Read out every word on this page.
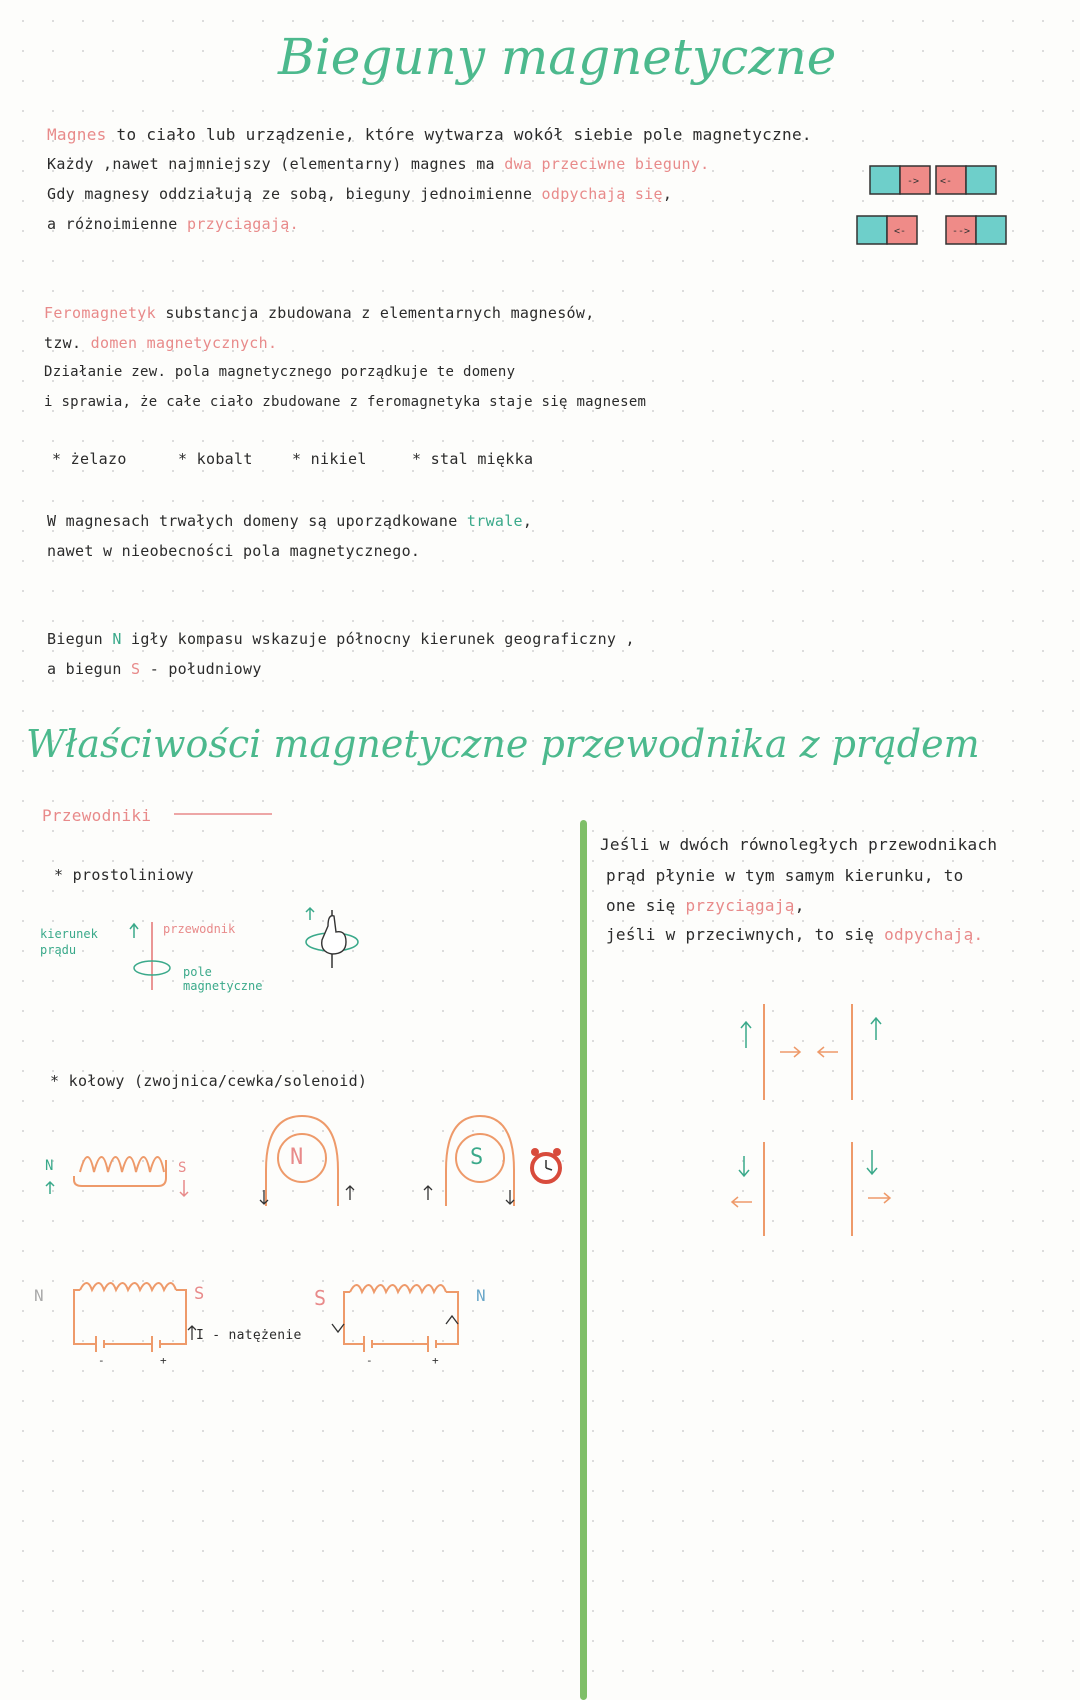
Bieguny magnetyczne
Magnes to ciało lub urządzenie, które wytwarza wokół siebie pole magnetyczne.
Każdy ,nawet najmniejszy (elementarny) magnes ma dwa przeciwne bieguny.
Gdy magnesy oddziałują ze sobą, bieguny jednoimienne odpychają się,
a różnoimienne przyciągają.
-> <-
<-	-->
Feromagnetyk substancja zbudowana z elementarnych magnesów,
tzw. domen magnetycznych.
Działanie zew. pola magnetycznego porządkuje te domeny
i sprawia, że całe ciało zbudowane z feromagnetyka staje się magnesem
* żelazo	* kobalt	* nikiel	* stal miękka
W magnesach trwałych domeny są uporządkowane trwale,
nawet w nieobecności pola magnetycznego.
Biegun N igły kompasu wskazuje północny kierunek geograficzny ,
a biegun S - południowy
Właściwości magnetyczne przewodnika z prądem
Przewodniki
* prostoliniowy
kierunek prądu
przewodnik
pole magnetyczne
* kołowy (zwojnica/cewka/solenoid)
N	S	N	S
-	+	-	+
N	S	S	N
I - natężenie
Jeśli w dwóch równoległych przewodnikach
prąd płynie w tym samym kierunku, to
one się przyciągają,
jeśli w przeciwnych, to się odpychają.
